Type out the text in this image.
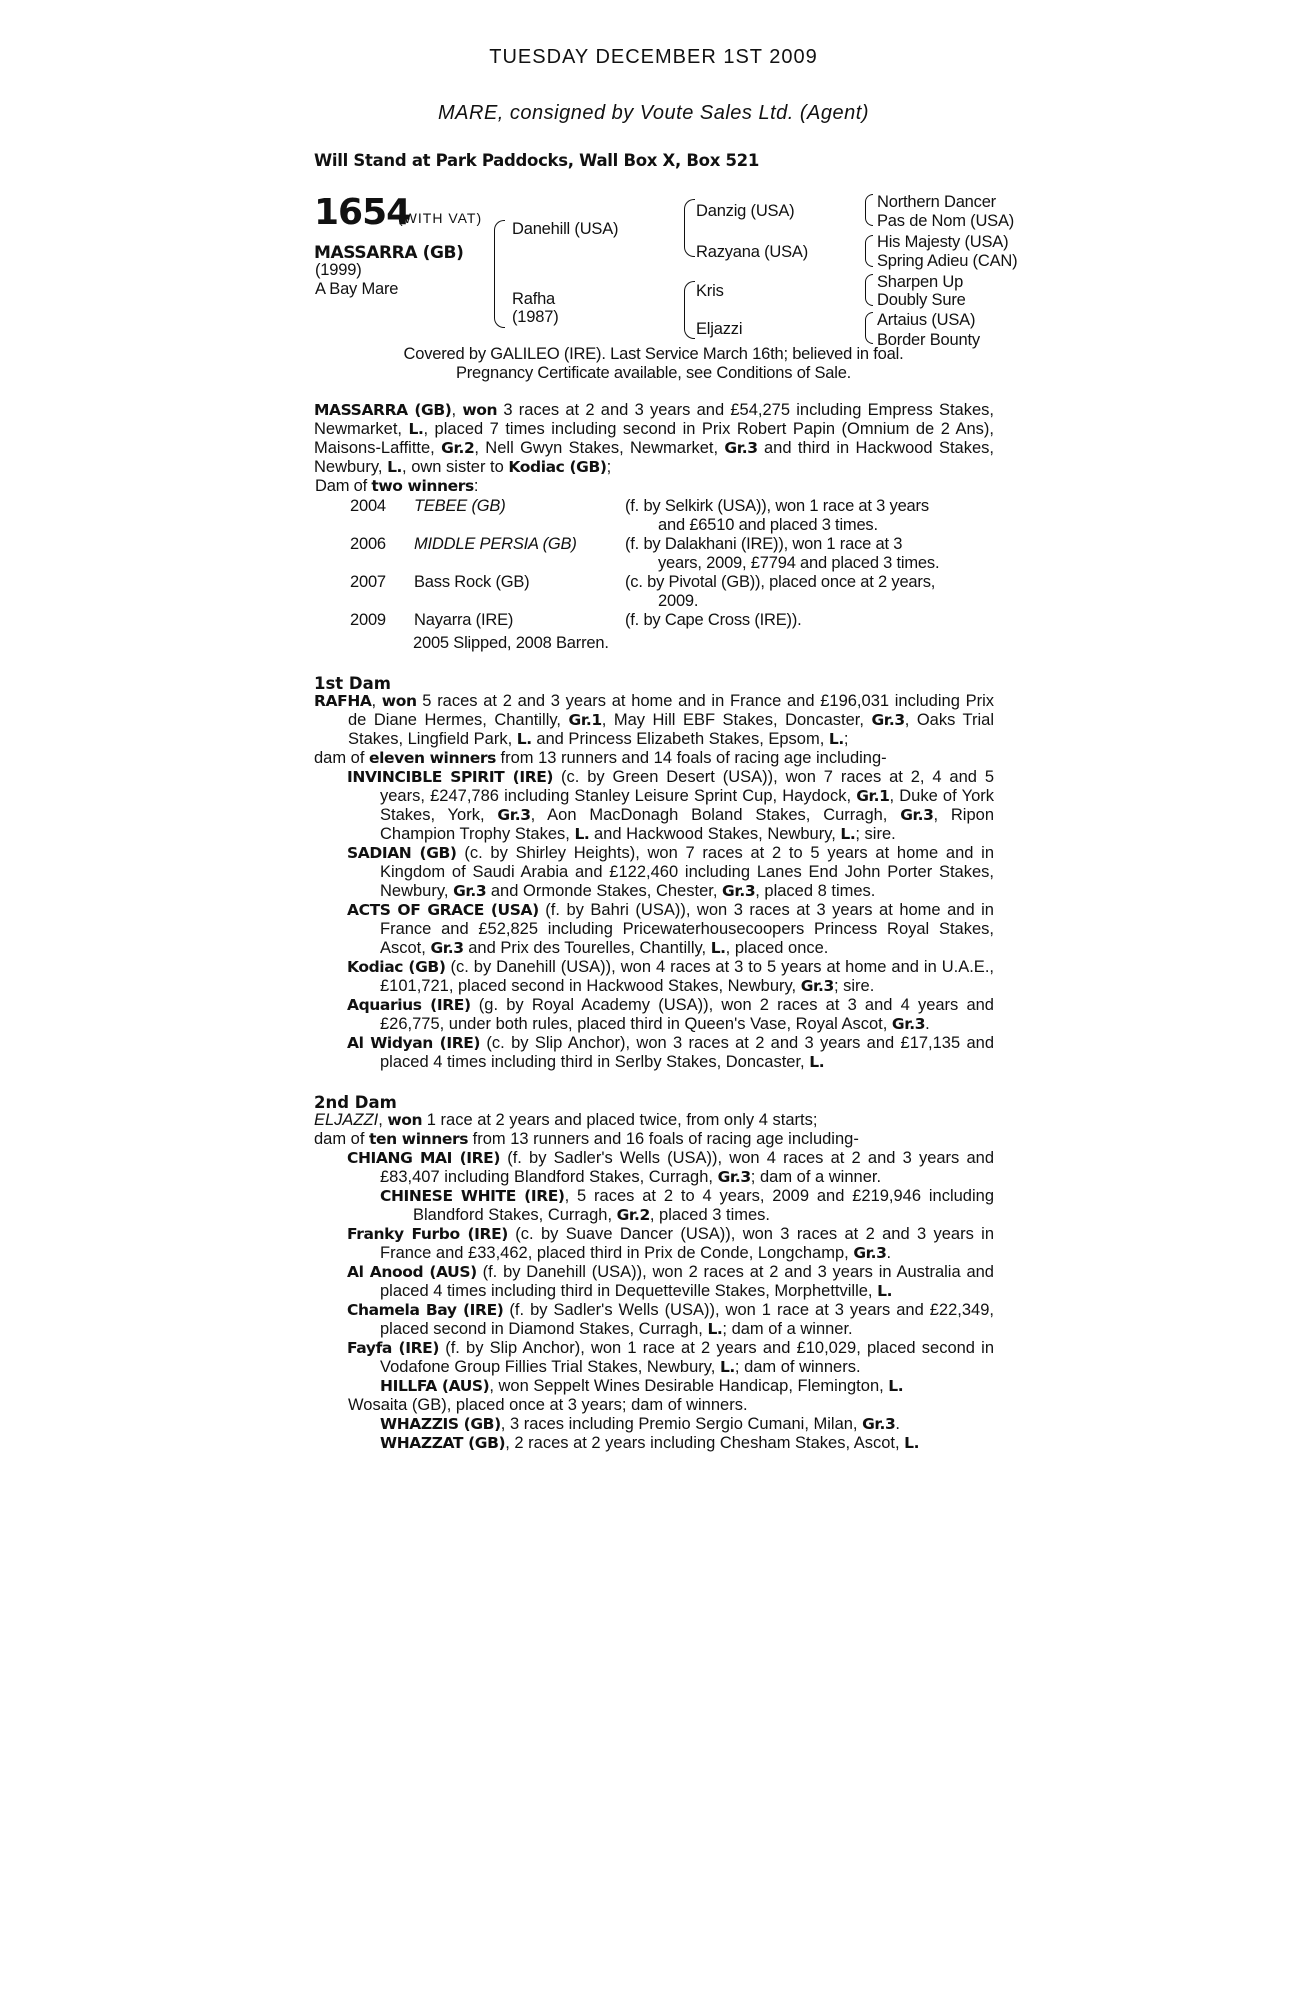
TUESDAY DECEMBER 1ST 2009
MARE, consigned by Voute Sales Ltd. (Agent)
Will Stand at Park Paddocks, Wall Box X, Box 521
1654
(WITH VAT)
MASSARRA (GB)
(1999)
A Bay Mare
Danehill (USA)
Rafha
(1987)
Danzig (USA)
Razyana (USA)
Kris
Eljazzi
Northern Dancer
Pas de Nom (USA)
His Majesty (USA)
Spring Adieu (CAN)
Sharpen Up
Doubly Sure
Artaius (USA)
Border Bounty
Covered by GALILEO (IRE). Last Service March 16th; believed in foal.
Pregnancy Certificate available, see Conditions of Sale.

MASSARRA (GB), won 3 races at 2 and 3 years and £54,275 including Empress Stakes, Newmarket, L., placed 7 times including second in Prix Robert Papin (Omnium de 2 Ans), Maisons-Laffitte, Gr.2, Nell Gwyn Stakes, Newmarket, Gr.3 and third in Hackwood Stakes, Newbury, L., own sister to Kodiac (GB);

Dam of two winners:
2004 TEBEE (GB)	(f. by Selkirk (USA)), won 1 race at 3 years
and £6510 and placed 3 times.
2006 MIDDLE PERSIA (GB)	(f. by Dalakhani (IRE)), won 1 race at 3
years, 2009, £7794 and placed 3 times.
2007 Bass Rock (GB)	(c. by Pivotal (GB)), placed once at 2 years,
2009.
2009 Nayarra (IRE)	(f. by Cape Cross (IRE)).
2005 Slipped, 2008 Barren.
1st Dam

RAFHA, won 5 races at 2 and 3 years at home and in France and £196,031 including Prix de Diane Hermes, Chantilly, Gr.1, May Hill EBF Stakes, Doncaster, Gr.3, Oaks Trial Stakes, Lingfield Park, L. and Princess Elizabeth Stakes, Epsom, L.;

dam of eleven winners from 13 runners and 14 foals of racing age including-

INVINCIBLE SPIRIT (IRE) (c. by Green Desert (USA)), won 7 races at 2, 4 and 5 years, £247,786 including Stanley Leisure Sprint Cup, Haydock, Gr.1, Duke of York Stakes, York, Gr.3, Aon MacDonagh Boland Stakes, Curragh, Gr.3, Ripon Champion Trophy Stakes, L. and Hackwood Stakes, Newbury, L.; sire.

SADIAN (GB) (c. by Shirley Heights), won 7 races at 2 to 5 years at home and in Kingdom of Saudi Arabia and £122,460 including Lanes End John Porter Stakes, Newbury, Gr.3 and Ormonde Stakes, Chester, Gr.3, placed 8 times.

ACTS OF GRACE (USA) (f. by Bahri (USA)), won 3 races at 3 years at home and in France and £52,825 including Pricewaterhousecoopers Princess Royal Stakes, Ascot, Gr.3 and Prix des Tourelles, Chantilly, L., placed once.

Kodiac (GB) (c. by Danehill (USA)), won 4 races at 3 to 5 years at home and in U.A.E., £101,721, placed second in Hackwood Stakes, Newbury, Gr.3; sire.

Aquarius (IRE) (g. by Royal Academy (USA)), won 2 races at 3 and 4 years and £26,775, under both rules, placed third in Queen's Vase, Royal Ascot, Gr.3.

Al Widyan (IRE) (c. by Slip Anchor), won 3 races at 2 and 3 years and £17,135 and placed 4 times including third in Serlby Stakes, Doncaster, L.

2nd Dam

ELJAZZI, won 1 race at 2 years and placed twice, from only 4 starts;

dam of ten winners from 13 runners and 16 foals of racing age including-

CHIANG MAI (IRE) (f. by Sadler's Wells (USA)), won 4 races at 2 and 3 years and £83,407 including Blandford Stakes, Curragh, Gr.3; dam of a winner.

CHINESE WHITE (IRE), 5 races at 2 to 4 years, 2009 and £219,946 including Blandford Stakes, Curragh, Gr.2, placed 3 times.

Franky Furbo (IRE) (c. by Suave Dancer (USA)), won 3 races at 2 and 3 years in France and £33,462, placed third in Prix de Conde, Longchamp, Gr.3.

Al Anood (AUS) (f. by Danehill (USA)), won 2 races at 2 and 3 years in Australia and placed 4 times including third in Dequetteville Stakes, Morphettville, L.

Chamela Bay (IRE) (f. by Sadler's Wells (USA)), won 1 race at 3 years and £22,349, placed second in Diamond Stakes, Curragh, L.; dam of a winner.

Fayfa (IRE) (f. by Slip Anchor), won 1 race at 2 years and £10,029, placed second in Vodafone Group Fillies Trial Stakes, Newbury, L.; dam of winners.

HILLFA (AUS), won Seppelt Wines Desirable Handicap, Flemington, L.

Wosaita (GB), placed once at 3 years; dam of winners.

WHAZZIS (GB), 3 races including Premio Sergio Cumani, Milan, Gr.3.

WHAZZAT (GB), 2 races at 2 years including Chesham Stakes, Ascot, L.
